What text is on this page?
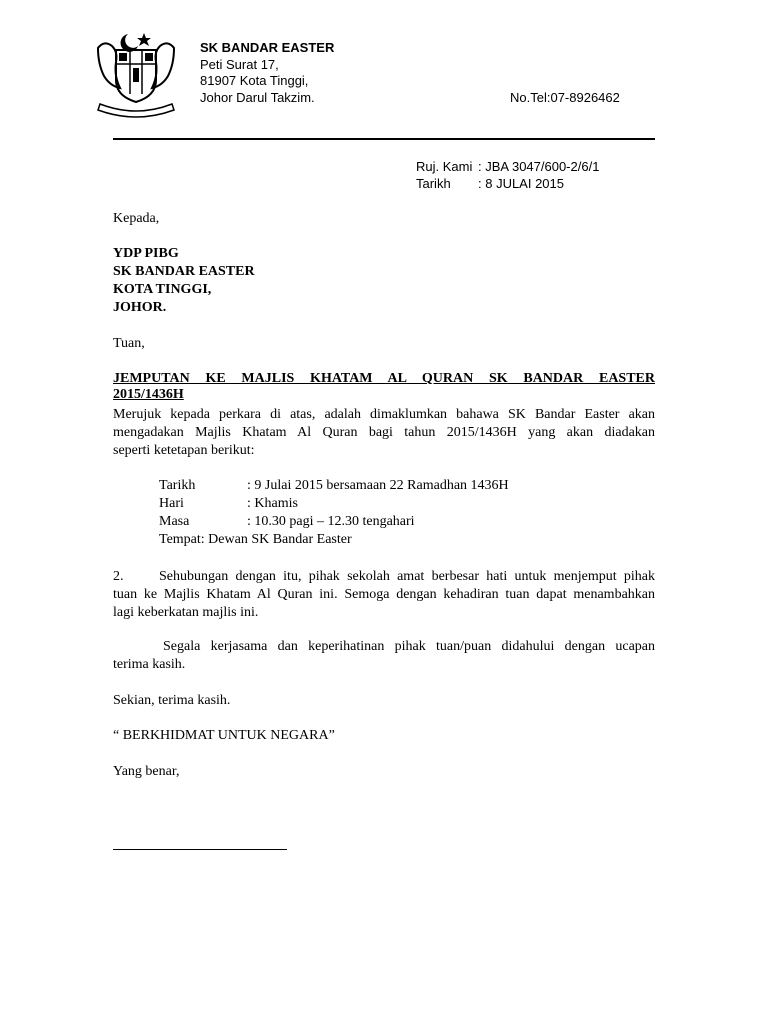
SK BANDAR EASTER
Peti Surat 17,
81907 Kota Tinggi,
Johor Darul Takzim.	No.Tel:07-8926462
Ruj. Kami : JBA 3047/600-2/6/1
Tarikh : 8 JULAI 2015
Kepada,
YDP PIBG
SK BANDAR EASTER
KOTA TINGGI,
JOHOR.
Tuan,
JEMPUTAN KE MAJLIS KHATAM AL QURAN SK BANDAR EASTER
2015/1436H
Merujuk kepada perkara di atas, adalah dimaklumkan bahawa SK Bandar Easter akan
mengadakan Majlis Khatam Al Quran bagi tahun 2015/1436H yang akan diadakan
seperti ketetapan berikut:
Tarikh	: 9 Julai 2015 bersamaan 22 Ramadhan 1436H
Hari	: Khamis
Masa	: 10.30 pagi – 12.30 tengahari
Tempat: Dewan SK Bandar Easter
2.	Sehubungan dengan itu, pihak sekolah amat berbesar hati untuk menjemput pihak
tuan ke Majlis Khatam Al Quran ini. Semoga dengan kehadiran tuan dapat menambahkan
lagi keberkatan majlis ini.
Segala kerjasama dan keperihatinan pihak tuan/puan didahului dengan ucapan
terima kasih.
Sekian, terima kasih.
“ BERKHIDMAT UNTUK NEGARA”
Yang benar,
